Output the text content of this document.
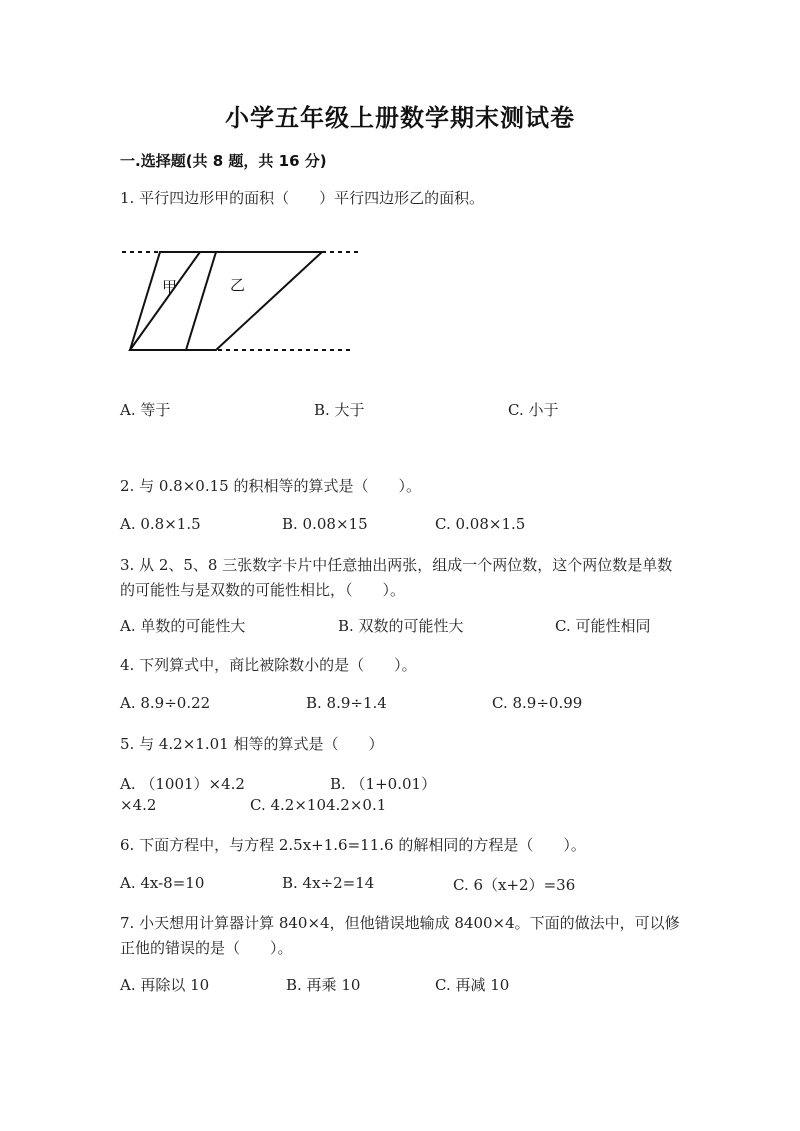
小学五年级上册数学期末测试卷
一.选择题(共 8 题，共 16 分)
1. 平行四边形甲的面积（　　）平行四边形乙的面积。
甲	乙
A. 等于	B. 大于	C. 小于
2. 与 0.8×0.15 的积相等的算式是（　　）。
A. 0.8×1.5	B. 0.08×15	C. 0.08×1.5
3. 从 2、5、8 三张数字卡片中任意抽出两张，组成一个两位数，这个两位数是单数的可能性与是双数的可能性相比，（　　）。
A. 单数的可能性大	B. 双数的可能性大	C. 可能性相同
4. 下列算式中，商比被除数小的是（　　）。
A. 8.9÷0.22	B. 8.9÷1.4	C. 8.9÷0.99
5. 与 4.2×1.01 相等的算式是（　　）
A. （1001）×4.2	B. （1+0.01）
×4.2	C. 4.2×104.2×0.1
6. 下面方程中，与方程 2.5x+1.6=11.6 的解相同的方程是（　　）。
A. 4x-8=10	B. 4x÷2=14	C. 6（x+2）=36
7. 小天想用计算器计算 840×4，但他错误地输成 8400×4。下面的做法中，可以修正他的错误的是（　　）。
A. 再除以 10	B. 再乘 10	C. 再减 10
